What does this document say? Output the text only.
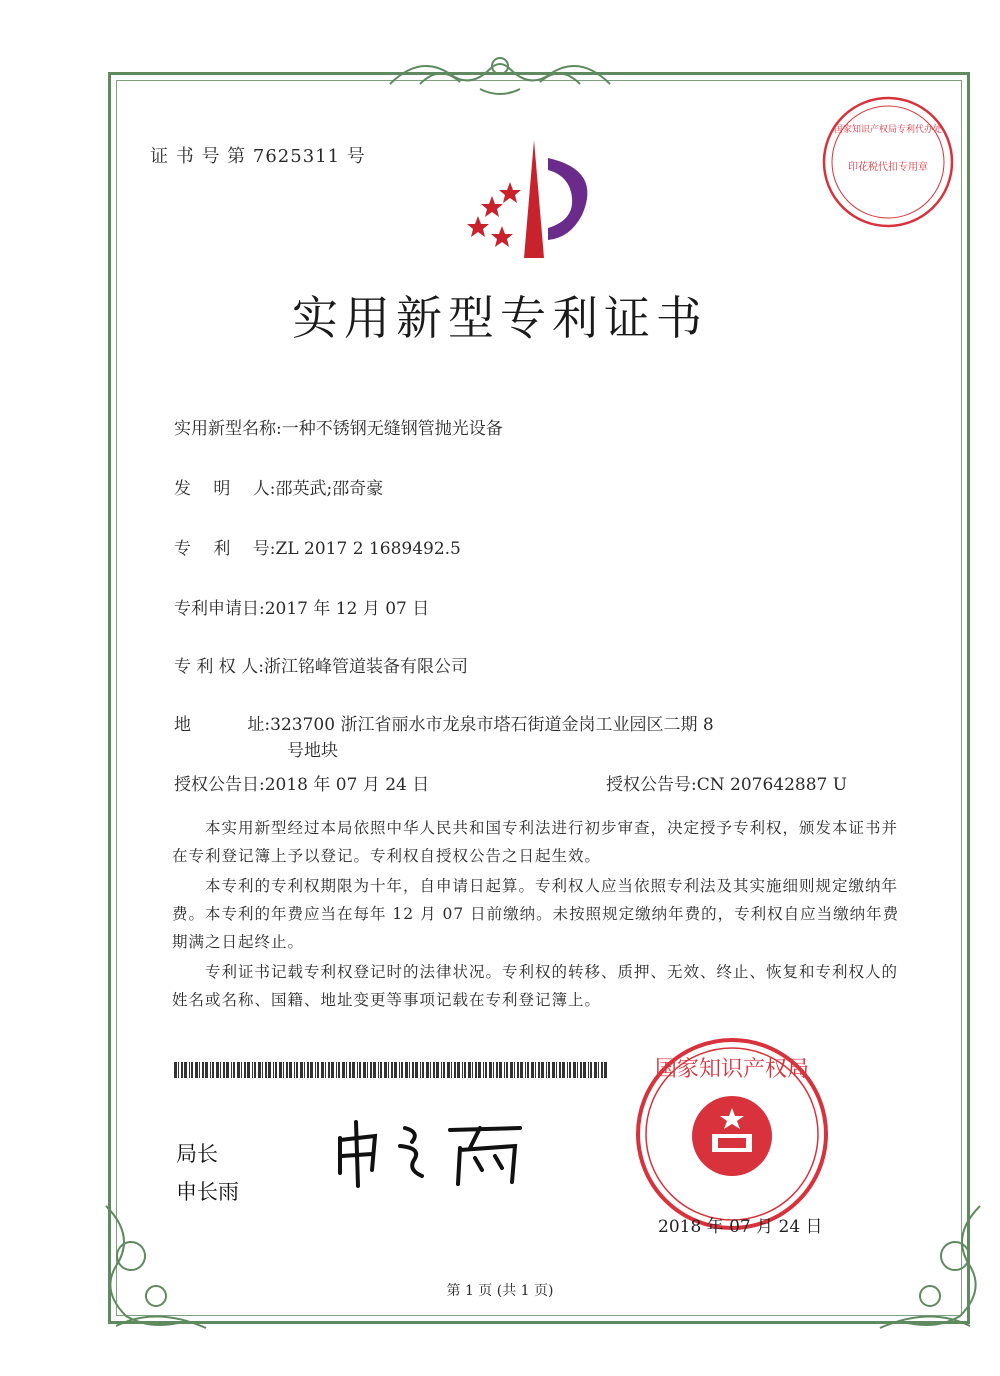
证 书 号 第 7625311 号
国家知识产权局专利代办处
印花税代扣专用章
实用新型专利证书
实用新型名称:一种不锈钢无缝钢管抛光设备
发　 明　 人:邵英武;邵奇豪
专　 利　 号:ZL 2017 2 1689492.5
专利申请日:2017 年 12 月 07 日
专 利 权 人:浙江铭峰管道装备有限公司
地　　　 址:323700 浙江省丽水市龙泉市塔石街道金岗工业园区二期 8
号地块
授权公告日:2018 年 07 月 24 日	授权公告号:CN 207642887 U
　　本实用新型经过本局依照中华人民共和国专利法进行初步审查，决定授予专利权，颁发本证书并在专利登记簿上予以登记。专利权自授权公告之日起生效。
　　本专利的专利权期限为十年，自申请日起算。专利权人应当依照专利法及其实施细则规定缴纳年费。本专利的年费应当在每年 12 月 07 日前缴纳。未按照规定缴纳年费的，专利权自应当缴纳年费期满之日起终止。
　　专利证书记载专利权登记时的法律状况。专利权的转移、质押、无效、终止、恢复和专利权人的姓名或名称、国籍、地址变更等事项记载在专利登记簿上。
局长
申长雨
国家知识产权局
2018 年 07 月 24 日
第 1 页 (共 1 页)
